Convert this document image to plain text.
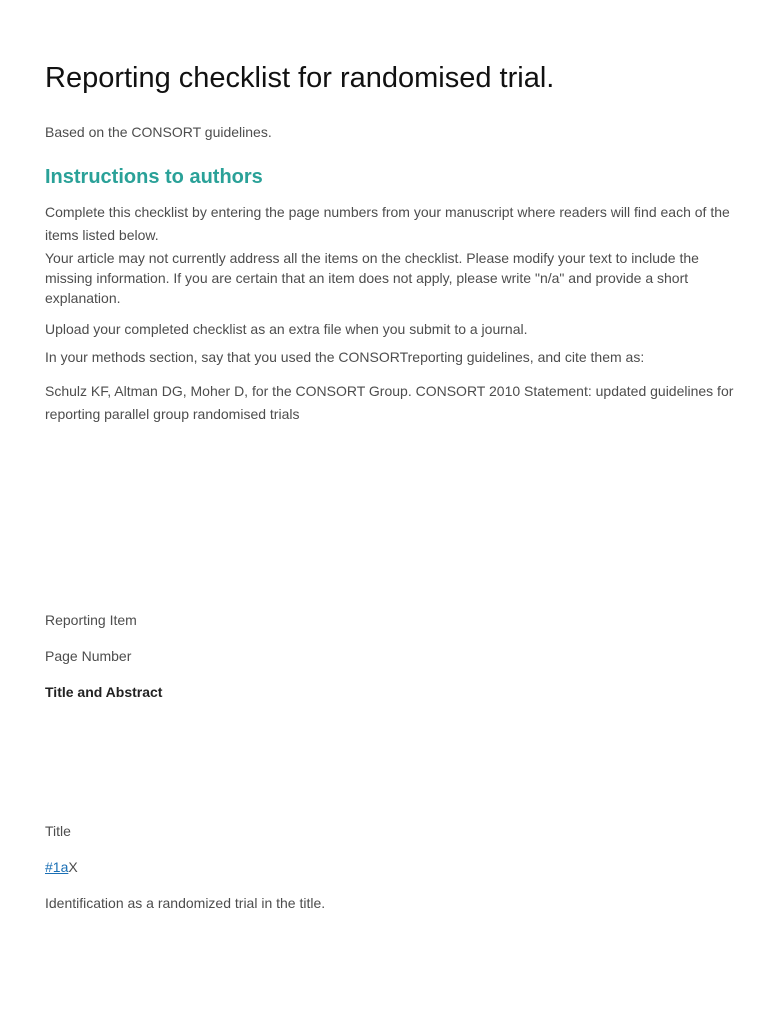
Reporting checklist for randomised trial.
Based on the CONSORT guidelines.
Instructions to authors
Complete this checklist by entering the page numbers from your manuscript where readers will find each of the items listed below.
Your article may not currently address all the items on the checklist. Please modify your text to include the missing information. If you are certain that an item does not apply, please write "n/a" and provide a short explanation.
Upload your completed checklist as an extra file when you submit to a journal.
In your methods section, say that you used the CONSORTreporting guidelines, and cite them as:
Schulz KF, Altman DG, Moher D, for the CONSORT Group. CONSORT 2010 Statement: updated guidelines for reporting parallel group randomised trials
Reporting Item
Page Number
Title and Abstract
Title
#1aX
Identification as a randomized trial in the title.
